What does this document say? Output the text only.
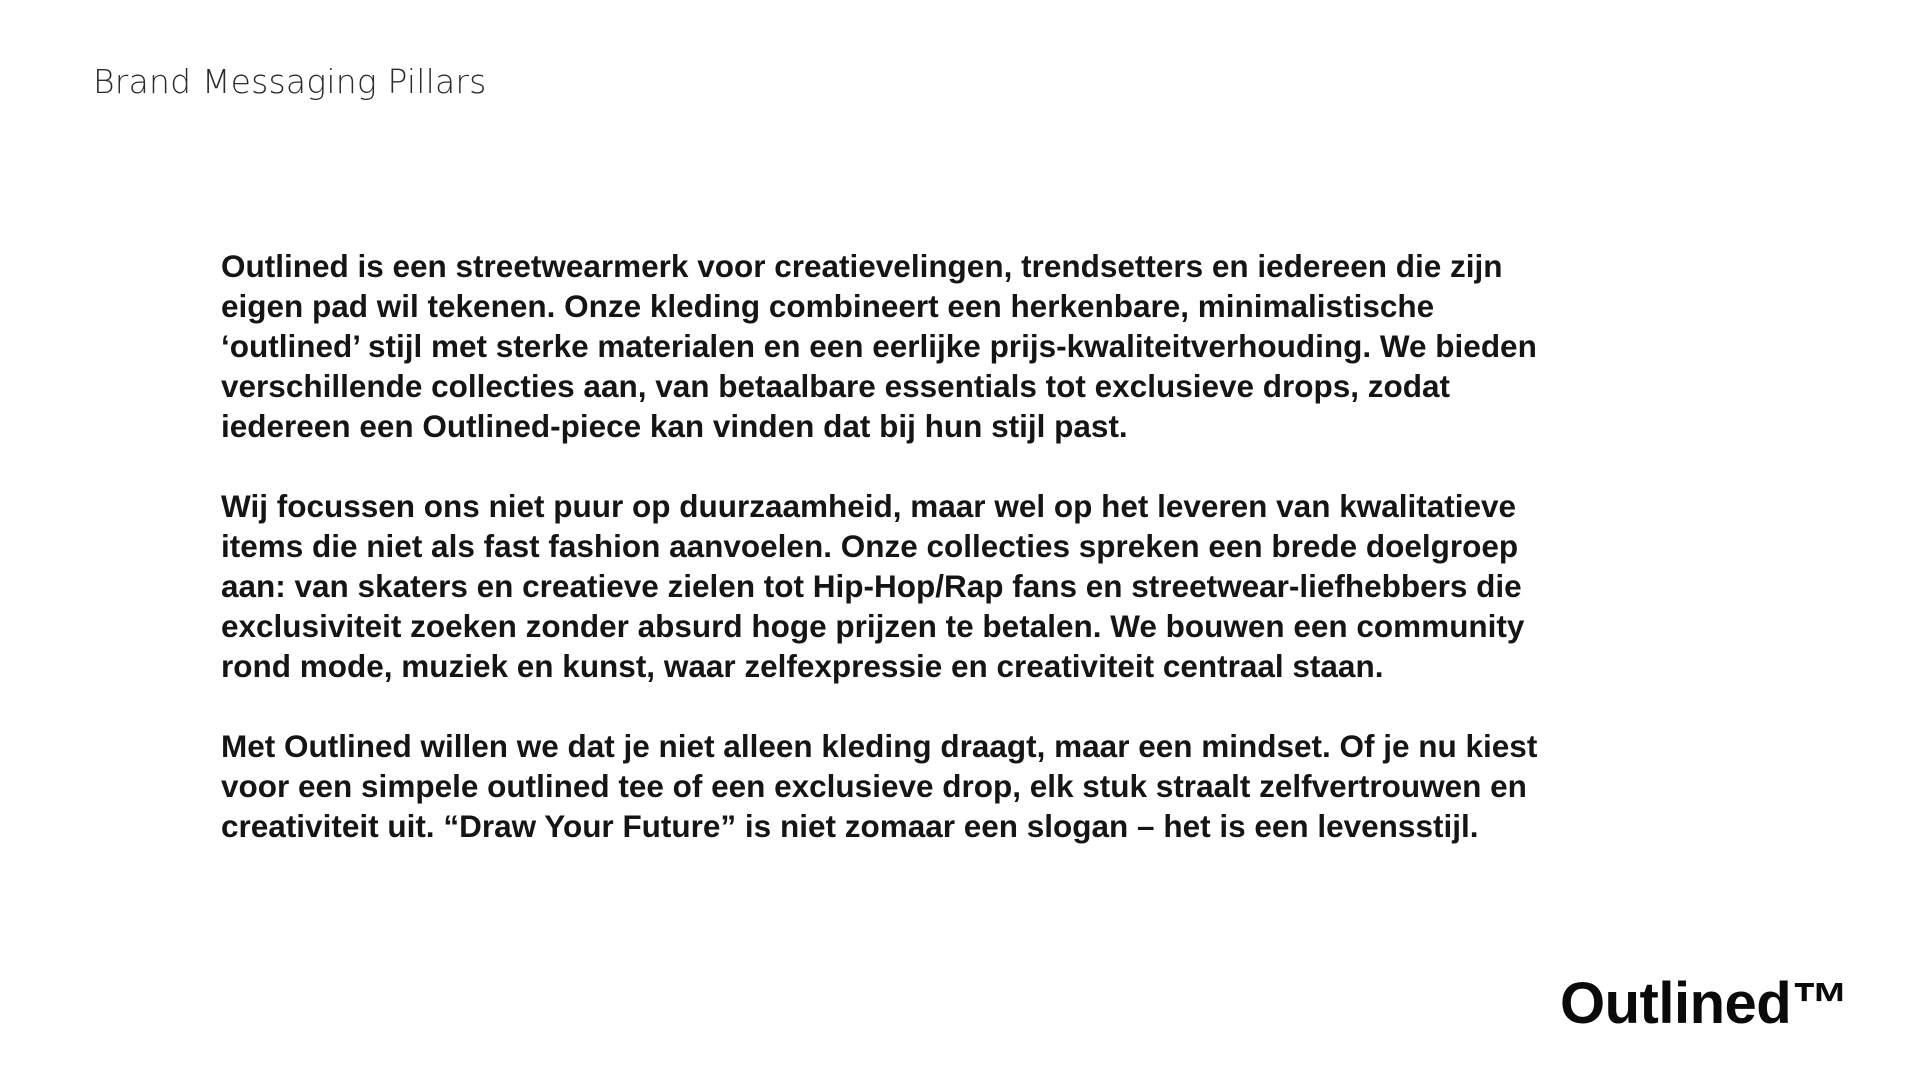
Brand Messaging Pillars

Outlined is een streetwearmerk voor creatievelingen, trendsetters en iedereen die zijn
eigen pad wil tekenen. Onze kleding combineert een herkenbare, minimalistische
‘outlined’ stijl met sterke materialen en een eerlijke prijs-kwaliteitverhouding. We bieden
verschillende collecties aan, van betaalbare essentials tot exclusieve drops, zodat
iedereen een Outlined-piece kan vinden dat bij hun stijl past.

Wij focussen ons niet puur op duurzaamheid, maar wel op het leveren van kwalitatieve
items die niet als fast fashion aanvoelen. Onze collecties spreken een brede doelgroep
aan: van skaters en creatieve zielen tot Hip-Hop/Rap fans en streetwear-liefhebbers die
exclusiviteit zoeken zonder absurd hoge prijzen te betalen. We bouwen een community
rond mode, muziek en kunst, waar zelfexpressie en creativiteit centraal staan.

Met Outlined willen we dat je niet alleen kleding draagt, maar een mindset. Of je nu kiest
voor een simpele outlined tee of een exclusieve drop, elk stuk straalt zelfvertrouwen en
creativiteit uit. “Draw Your Future” is niet zomaar een slogan – het is een levensstijl.

Outlined™
